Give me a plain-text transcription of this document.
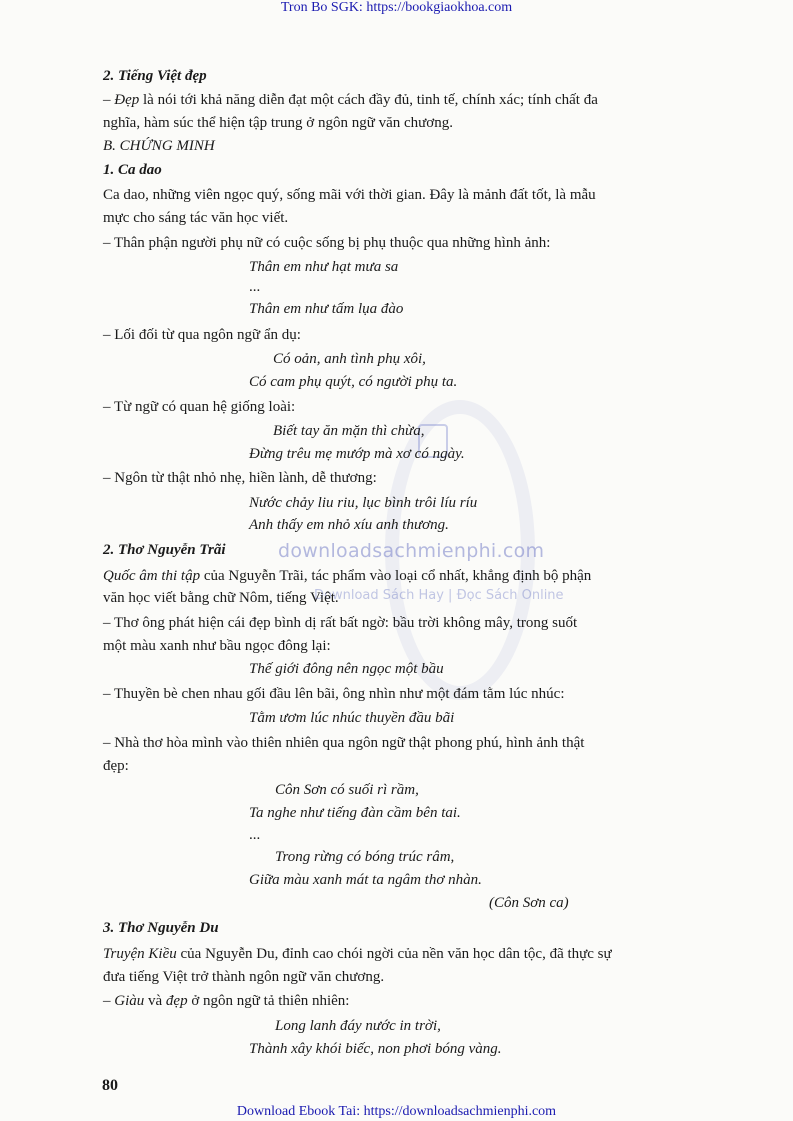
Tron Bo SGK: https://bookgiaokhoa.com
downloadsachmienphi.com
Download Sách Hay | Đọc Sách Online
2. Tiếng Việt đẹp
– Đẹp là nói tới khả năng diễn đạt một cách đầy đủ, tinh tế, chính xác; tính chất đa
nghĩa, hàm súc thể hiện tập trung ở ngôn ngữ văn chương.
B. CHỨNG MINH
1. Ca dao
Ca dao, những viên ngọc quý, sống mãi với thời gian. Đây là mảnh đất tốt, là mẫu
mực cho sáng tác văn học viết.
– Thân phận người phụ nữ có cuộc sống bị phụ thuộc qua những hình ảnh:
Thân em như hạt mưa sa
...
Thân em như tấm lụa đào
– Lối đối từ qua ngôn ngữ ẩn dụ:
Có oản, anh tình phụ xôi,
Có cam phụ quýt, có người phụ ta.
– Từ ngữ có quan hệ giống loài:
Biết tay ăn mặn thì chừa,
Đừng trêu mẹ mướp mà xơ có ngày.
– Ngôn từ thật nhỏ nhẹ, hiền lành, dễ thương:
Nước chảy liu riu, lục bình trôi líu ríu
Anh thấy em nhỏ xíu anh thương.
2. Thơ Nguyễn Trãi
Quốc âm thi tập của Nguyễn Trãi, tác phẩm vào loại cổ nhất, khẳng định bộ phận
văn học viết bằng chữ Nôm, tiếng Việt.
– Thơ ông phát hiện cái đẹp bình dị rất bất ngờ: bầu trời không mây, trong suốt
một màu xanh như bầu ngọc đông lại:
Thế giới đông nên ngọc một bầu
– Thuyền bè chen nhau gối đầu lên bãi, ông nhìn như một đám tằm lúc nhúc:
Tằm ươm lúc nhúc thuyền đầu bãi
– Nhà thơ hòa mình vào thiên nhiên qua ngôn ngữ thật phong phú, hình ảnh thật
đẹp:
Côn Sơn có suối rì rầm,
Ta nghe như tiếng đàn cầm bên tai.
...
Trong rừng có bóng trúc râm,
Giữa màu xanh mát ta ngâm thơ nhàn.
(Côn Sơn ca)
3. Thơ Nguyễn Du
Truyện Kiều của Nguyễn Du, đỉnh cao chói ngời của nền văn học dân tộc, đã thực sự
đưa tiếng Việt trở thành ngôn ngữ văn chương.
– Giàu và đẹp ở ngôn ngữ tả thiên nhiên:
Long lanh đáy nước in trời,
Thành xây khói biếc, non phơi bóng vàng.
80
Download Ebook Tai: https://downloadsachmienphi.com
